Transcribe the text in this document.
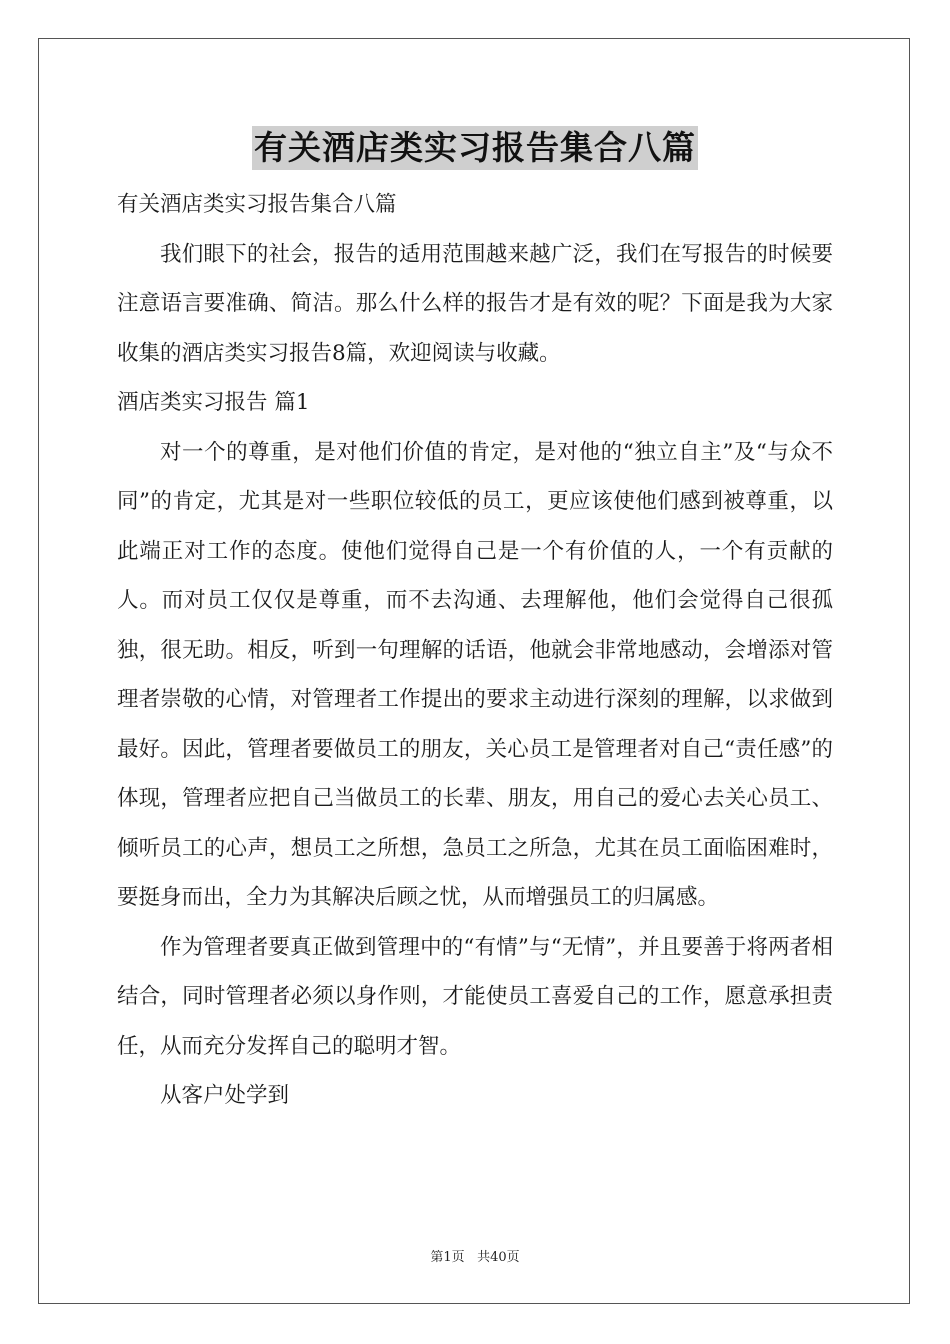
有关酒店类实习报告集合八篇

有关酒店类实习报告集合八篇

我们眼下的社会，报告的适用范围越来越广泛，我们在写报告的时候要注意语言要准确、简洁。那么什么样的报告才是有效的呢？下面是我为大家收集的酒店类实习报告8篇，欢迎阅读与收藏。

酒店类实习报告 篇1

对一个的尊重，是对他们价值的肯定，是对他的“独立自主”及“与众不同”的肯定，尤其是对一些职位较低的员工，更应该使他们感到被尊重，以此端正对工作的态度。使他们觉得自己是一个有价值的人，一个有贡献的人。而对员工仅仅是尊重，而不去沟通、去理解他，他们会觉得自己很孤独，很无助。相反，听到一句理解的话语，他就会非常地感动，会增添对管理者崇敬的心情，对管理者工作提出的要求主动进行深刻的理解，以求做到最好。因此，管理者要做员工的朋友，关心员工是管理者对自己“责任感”的体现，管理者应把自己当做员工的长辈、朋友，用自己的爱心去关心员工、倾听员工的心声，想员工之所想，急员工之所急，尤其在员工面临困难时，要挺身而出，全力为其解决后顾之忧，从而增强员工的归属感。

作为管理者要真正做到管理中的“有情”与“无情”，并且要善于将两者相结合，同时管理者必须以身作则，才能使员工喜爱自己的工作，愿意承担责任，从而充分发挥自己的聪明才智。

从客户处学到

第1页 共40页
